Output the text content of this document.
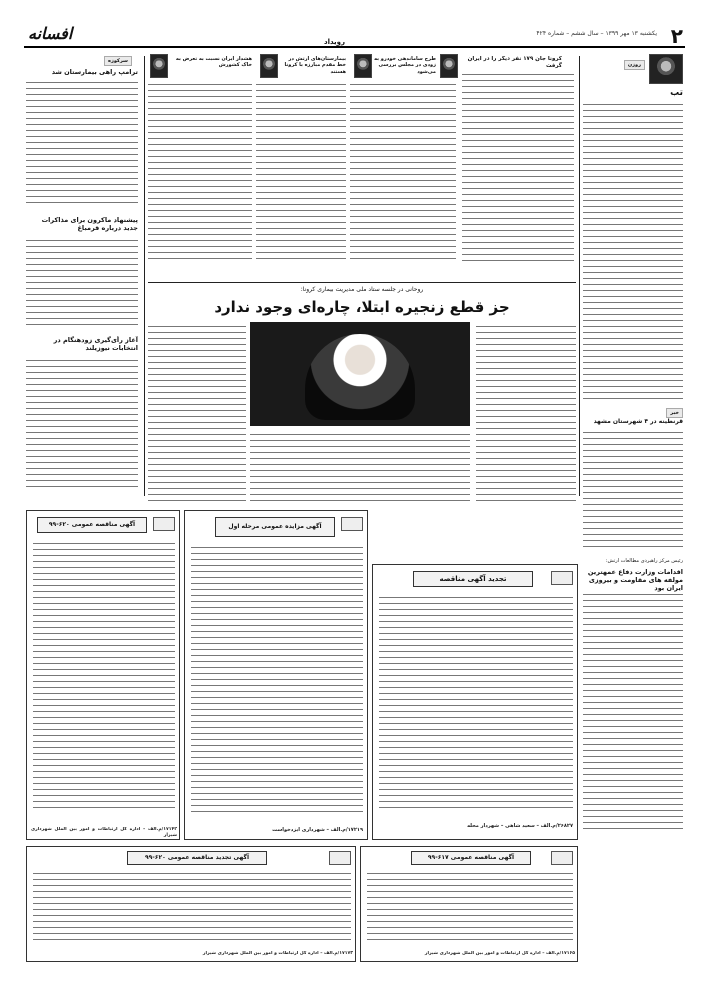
۲
یکشنبه ۱۳ مهر ۱۳۹۹ – سال ششم – شماره ۴۲۴
رویداد
افسانه
روزن
تب

خبر
قرنطینه در ۴ شهرستان مشهد

رئیس مرکز راهبردی مطالعات ارتش:
اقدامات وزارت دفاع عمهترین مولفه های مقاومت و بیروزی ایران بود

کرونا جان ۱۷۹ نفر دیگر را در ایران گرفت

طرح ساماندهی خودرو به زودی در مجلس بررسی می‌شود

بیمارستان‌های ارتش در خط مقدم مبارزه با کرونا هستند

هشدار ایران نسبت به تعرض به خاک کشورش

سرکوزه
ترامپ راهی بیمارستان شد

پیشنهاد ماکرون برای مذاکرات جدید درباره قرمباغ

آغاز رأی‌گیری زودهنگام در انتخابات نیوزیلند

روحانی در جلسه ستاد ملی مدیریت بیماری کرونا:
جز قطع زنجیره ابتلا، چاره‌ای وجود ندارد

تجدید آگهی مناقصه

۲۶۸۲۷/م.الف – سعید شاهی – شهردار محله
آگهی مزایده عمومی مرحله اول

۱۷۲۱۹/م.الف – شهرداری ایزدخواست
آگهی مناقصه عمومی ۶۲۰-۹۹

۱۷۱۴۲/م.الف – اداره کل ارتباطات و امور بین الملل شهرداری شیراز
آگهی مناقصه عمومی ۶۱۷-۹۹

۱۷۱۶۵/م.الف – اداره کل ارتباطات و امور بین الملل شهرداری شیراز
آگهی تجدید مناقصه عمومی ۶۲۰-۹۹

۱۷۱۷۳/م.الف – اداره کل ارتباطات و امور بین الملل شهرداری شیراز
